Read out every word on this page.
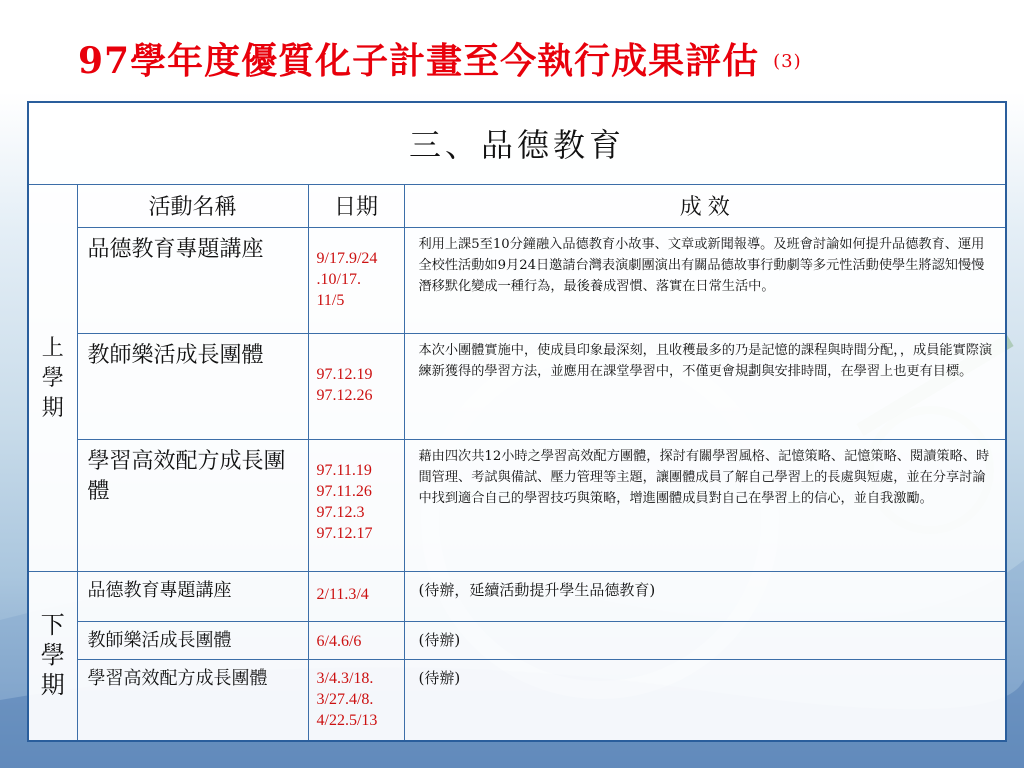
97學年度優質化子計畫至今執行成果評估 $^{(3)}$
三、品德教育			

上
學
期	活動名稱	日期	成 效
	品德教育專題講座	9/17.9/24
.10/17.
11/5	利用上課5至10分鐘融入品德教育小故事、文章或新聞報導。及班會討論如何提升品德教育、運用全校性活動如9月24日邀請台灣表演劇團演出有關品德故事行動劇等多元性活動使學生將認知慢慢潛移默化變成一種行為，最後養成習慣、落實在日常生活中。
	教師樂活成長團體	97.12.19
97.12.26	本次小團體實施中，使成員印象最深刻，且收穫最多的乃是記憶的課程與時間分配，，成員能實際演練新獲得的學習方法，並應用在課堂學習中，不僅更會規劃與安排時間，在學習上也更有目標。
	學習高效配方成長團體	97.11.19
97.11.26
97.12.3
97.12.17	藉由四次共12小時之學習高效配方團體，探討有關學習風格、記憶策略、記憶策略、閱讀策略、時間管理、考試與備試、壓力管理等主題，讓團體成員了解自己學習上的長處與短處，並在分享討論中找到適合自己的學習技巧與策略，增進團體成員對自己在學習上的信心，並自我激勵。

下
學
期	品德教育專題講座	2/11.3/4	(待辦，延續活動提升學生品德教育)
	教師樂活成長團體	6/4.6/6	(待辦)
	學習高效配方成長團體	3/4.3/18.
3/27.4/8.
4/22.5/13	(待辦)
